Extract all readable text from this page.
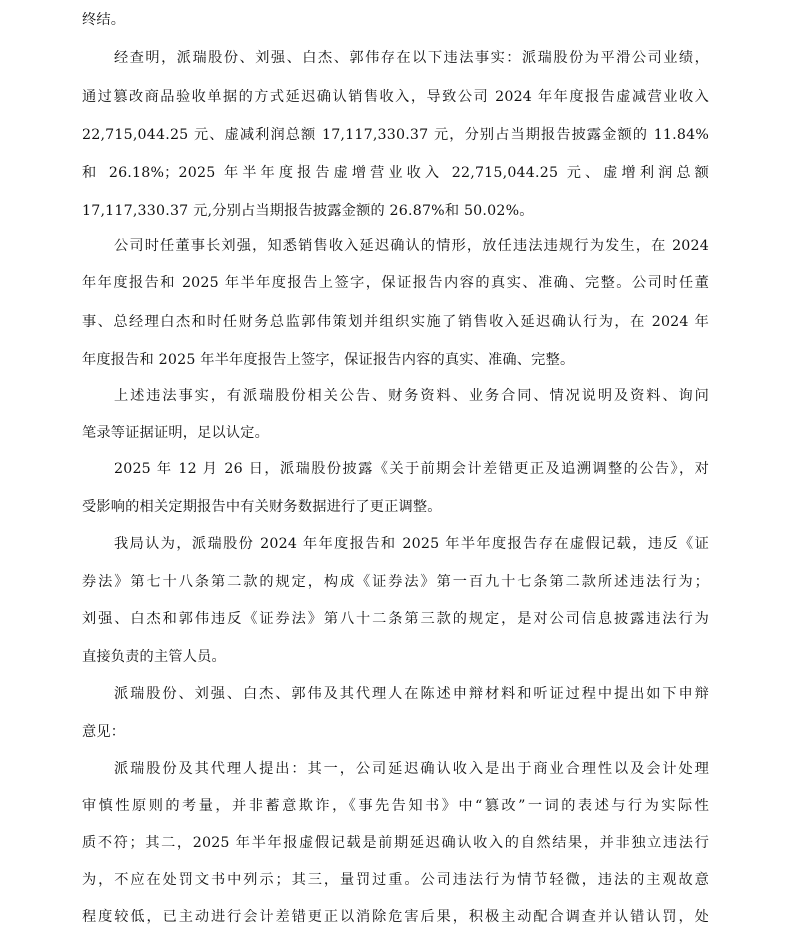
终结。
经查明，派瑞股份、刘强、白杰、郭伟存在以下违法事实：派瑞股份为平滑公司业绩，
通过篡改商品验收单据的方式延迟确认销售收入，导致公司 2024 年年度报告虚减营业收入
22,715,044.25 元、虚减利润总额 17,117,330.37 元，分别占当期报告披露金额的 11.84%
和 26.18%；2025 年半年度报告虚增营业收入 22,715,044.25 元、虚增利润总额
17,117,330.37 元,分别占当期报告披露金额的 26.87%和 50.02%。
公司时任董事长刘强，知悉销售收入延迟确认的情形，放任违法违规行为发生，在 2024
年年度报告和 2025 年半年度报告上签字，保证报告内容的真实、准确、完整。公司时任董
事、总经理白杰和时任财务总监郭伟策划并组织实施了销售收入延迟确认行为，在 2024 年
年度报告和 2025 年半年度报告上签字，保证报告内容的真实、准确、完整。
上述违法事实，有派瑞股份相关公告、财务资料、业务合同、情况说明及资料、询问
笔录等证据证明，足以认定。
2025 年 12 月 26 日，派瑞股份披露《关于前期会计差错更正及追溯调整的公告》，对
受影响的相关定期报告中有关财务数据进行了更正调整。
我局认为，派瑞股份 2024 年年度报告和 2025 年半年度报告存在虚假记载，违反《证
券法》第七十八条第二款的规定，构成《证券法》第一百九十七条第二款所述违法行为；
刘强、白杰和郭伟违反《证券法》第八十二条第三款的规定，是对公司信息披露违法行为
直接负责的主管人员。
派瑞股份、刘强、白杰、郭伟及其代理人在陈述申辩材料和听证过程中提出如下申辩
意见：
派瑞股份及其代理人提出：其一，公司延迟确认收入是出于商业合理性以及会计处理
审慎性原则的考量，并非蓄意欺诈，《事先告知书》中“篡改”一词的表述与行为实际性
质不符；其二，2025 年半年报虚假记载是前期延迟确认收入的自然结果，并非独立违法行
为，不应在处罚文书中列示；其三，量罚过重。公司违法行为情节轻微，违法的主观故意
程度较低，已主动进行会计差错更正以消除危害后果，积极主动配合调查并认错认罚，处
